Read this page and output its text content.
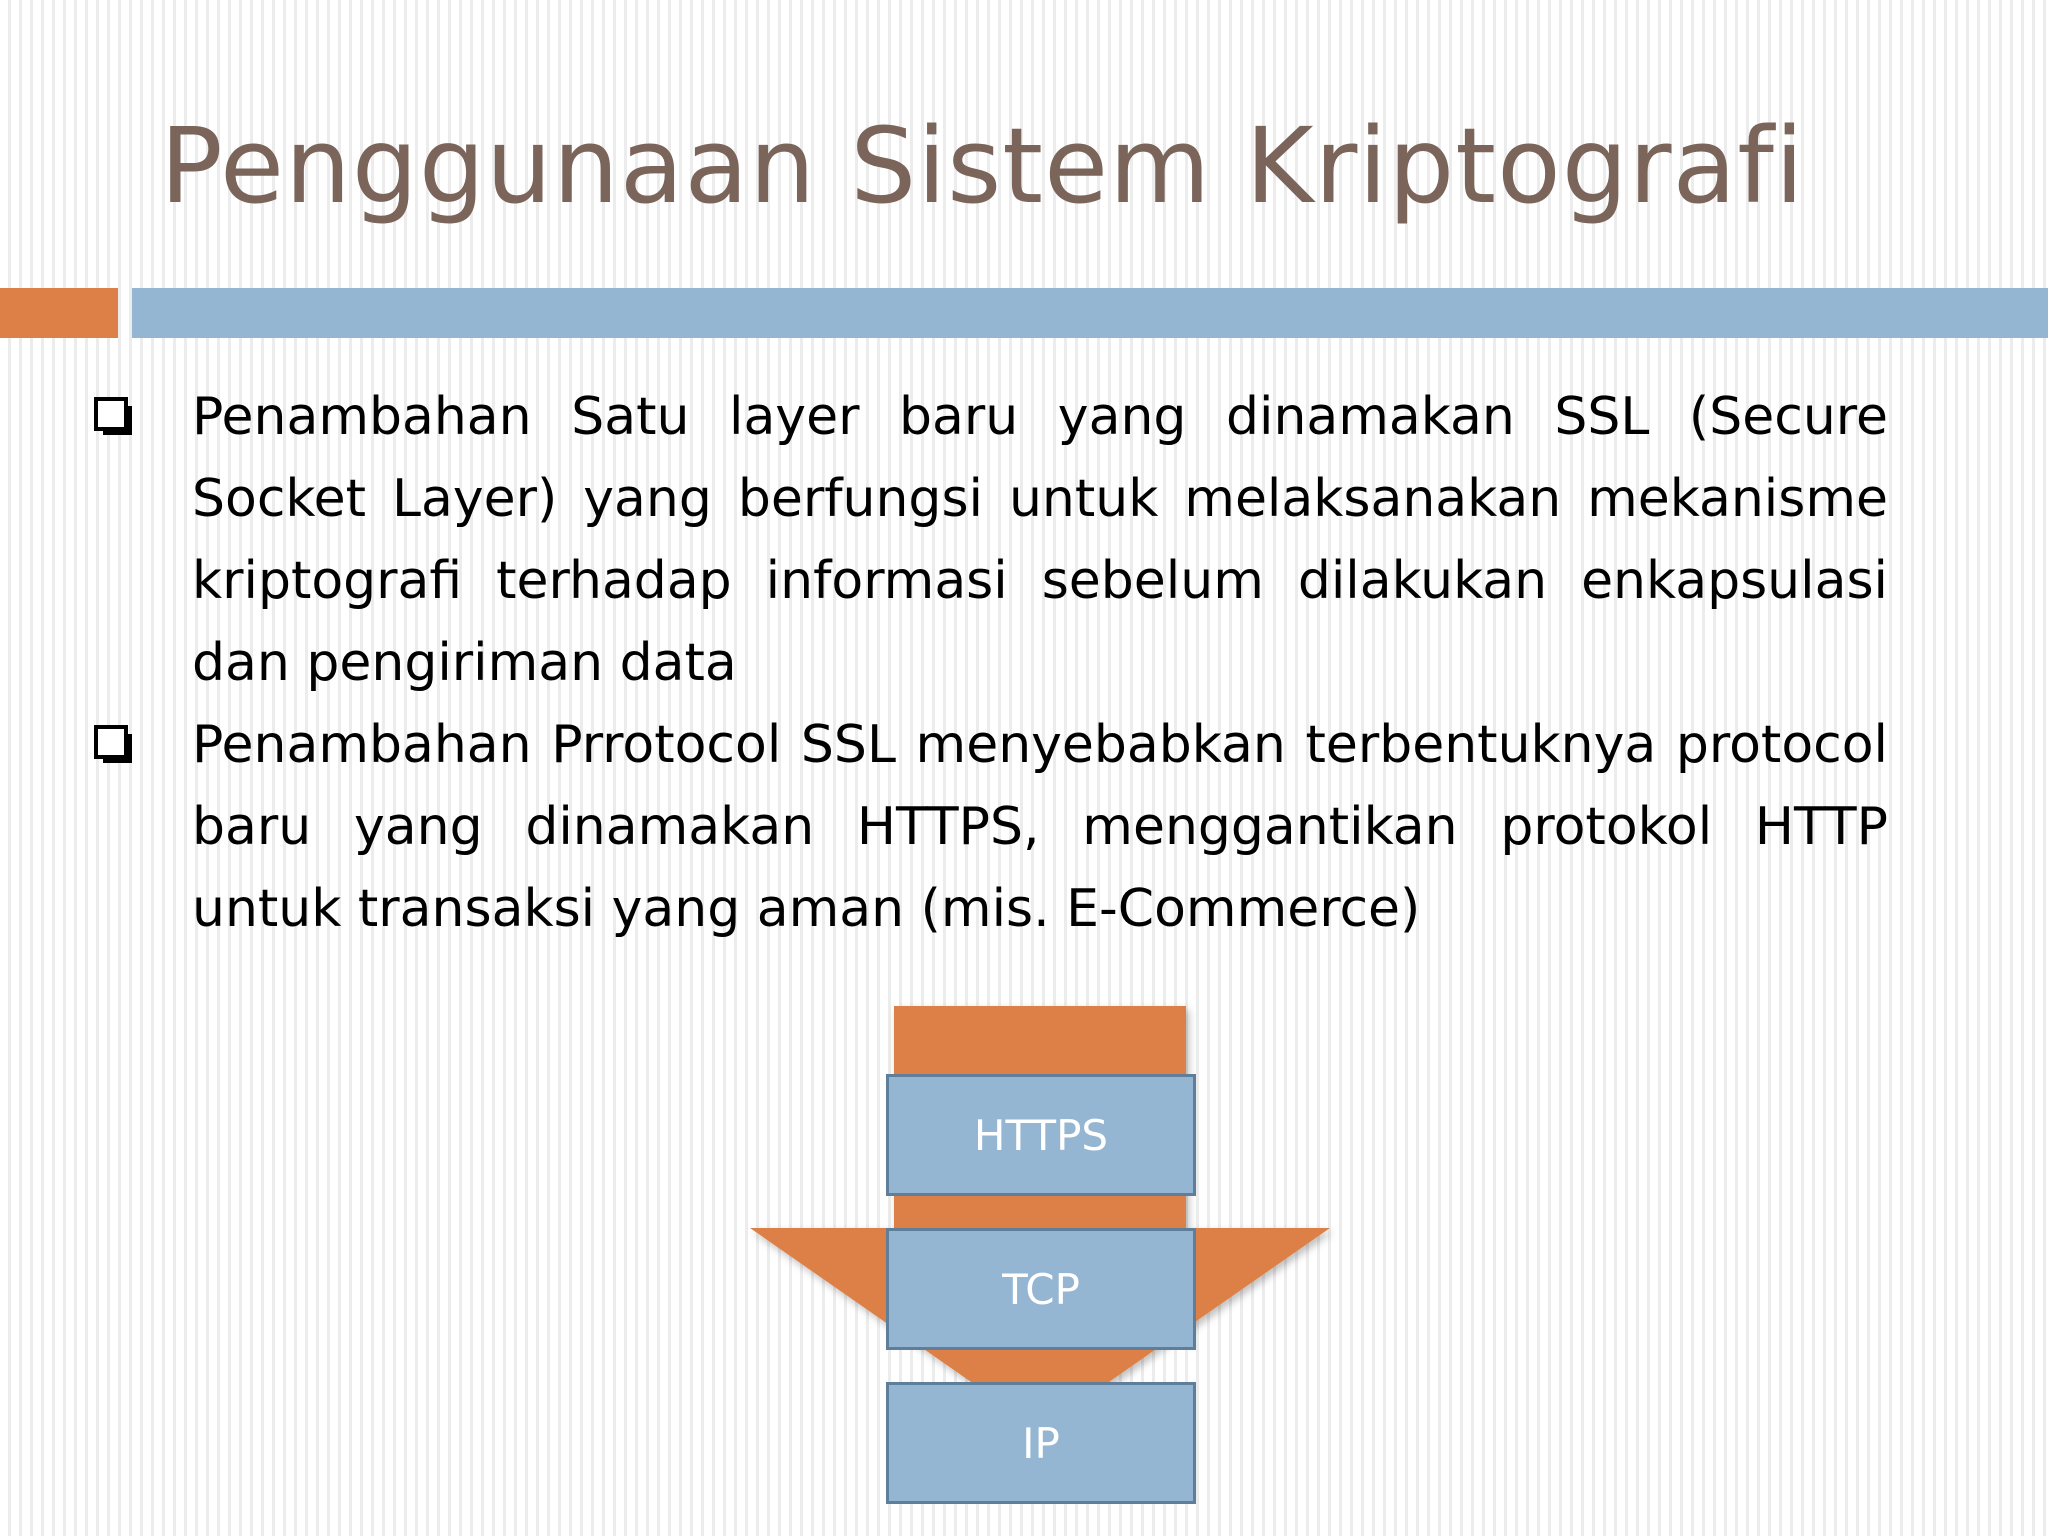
Penggunaan Sistem Kriptografi
Penambahan Satu layer baru yang dinamakan SSL (Secure Socket Layer) yang berfungsi untuk melaksanakan mekanisme kriptografi terhadap informasi sebelum dilakukan enkapsulasi dan pengiriman data
Penambahan Prrotocol SSL menyebabkan terbentuknya protocol baru yang dinamakan HTTPS, menggantikan protokol HTTP untuk transaksi yang aman (mis. E-Commerce)
HTTPS
TCP
IP
